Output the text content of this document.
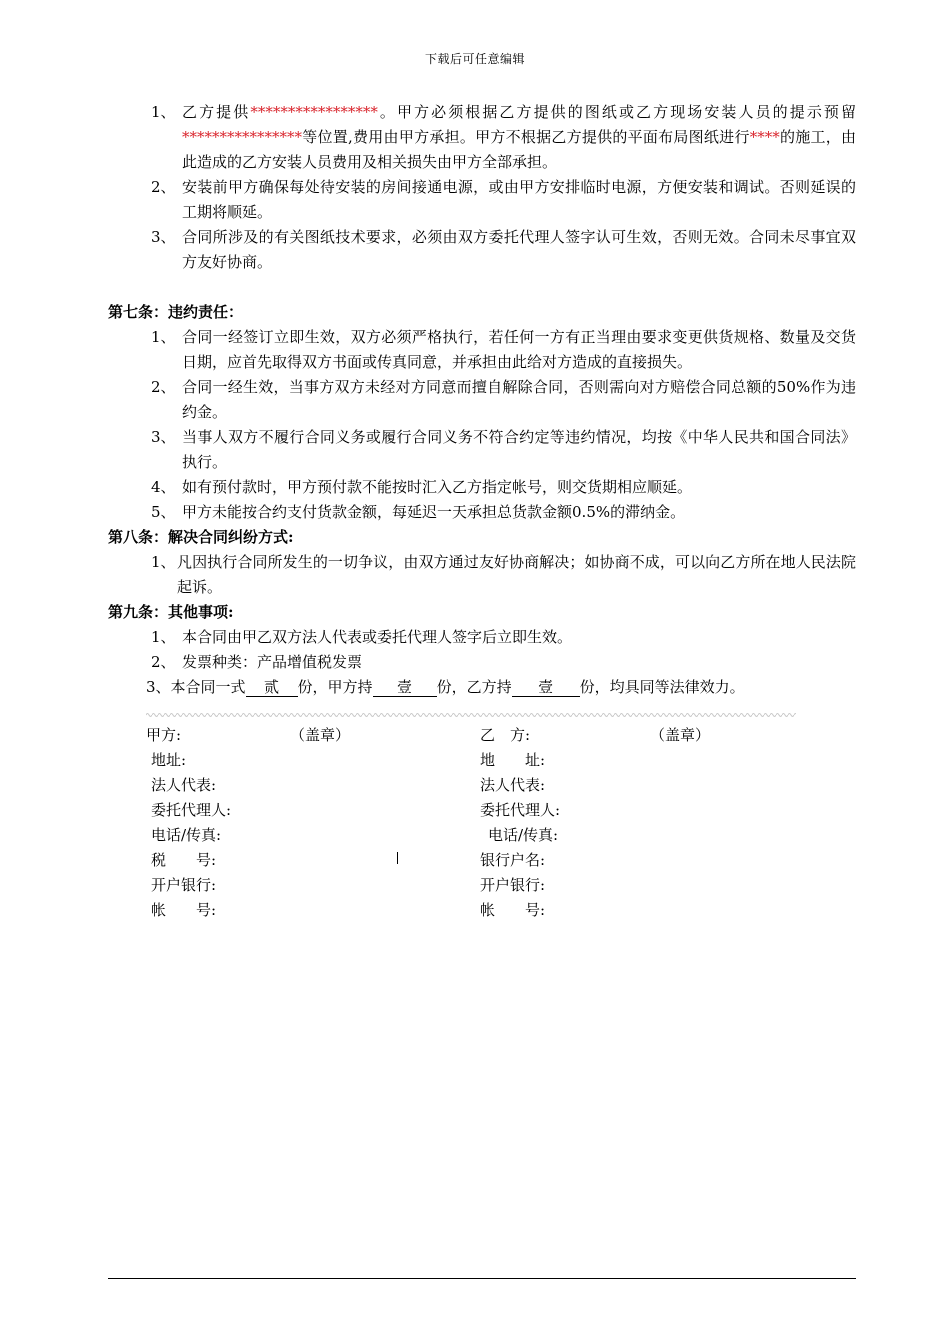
下载后可任意编辑
1、 乙方提供*****************。甲方必须根据乙方提供的图纸或乙方现场安装人员的提示预留****************等位置,费用由甲方承担。甲方不根据乙方提供的平面布局图纸进行****的施工，由此造成的乙方安装人员费用及相关损失由甲方全部承担。
2、 安装前甲方确保每处待安装的房间接通电源，或由甲方安排临时电源，方便安装和调试。否则延误的工期将顺延。
3、 合同所涉及的有关图纸技术要求，必须由双方委托代理人签字认可生效，否则无效。合同未尽事宜双方友好协商。
第七条：违约责任：
1、 合同一经签订立即生效，双方必须严格执行，若任何一方有正当理由要求变更供货规格、数量及交货日期，应首先取得双方书面或传真同意，并承担由此给对方造成的直接损失。
2、 合同一经生效，当事方双方未经对方同意而擅自解除合同，否则需向对方赔偿合同总额的50%作为违约金。
3、 当事人双方不履行合同义务或履行合同义务不符合约定等违约情况，均按《中华人民共和国合同法》执行。
4、 如有预付款时，甲方预付款不能按时汇入乙方指定帐号，则交货期相应顺延。
5、 甲方未能按合约支付货款金额，每延迟一天承担总货款金额0.5%的滞纳金。
第八条：解决合同纠纷方式:
1、 凡因执行合同所发生的一切争议，由双方通过友好协商解决；如协商不成，可以向乙方所在地人民法院起诉。
第九条：其他事项:
1、 本合同由甲乙双方法人代表或委托代理人签字后立即生效。
2、 发票种类：产品增值税发票
3、本合同一式 贰 份，甲方持 壹 份，乙方持 壹 份，均具同等法律效力。
甲方:	（盖章）
地址:
法人代表:
委托代理人:
电话/传真:
税　　号:
开户银行:
帐　　号:
乙　方:	（盖章）
地　　址:
法人代表:
委托代理人:
电话/传真:
银行户名:
开户银行:
帐　　号:
